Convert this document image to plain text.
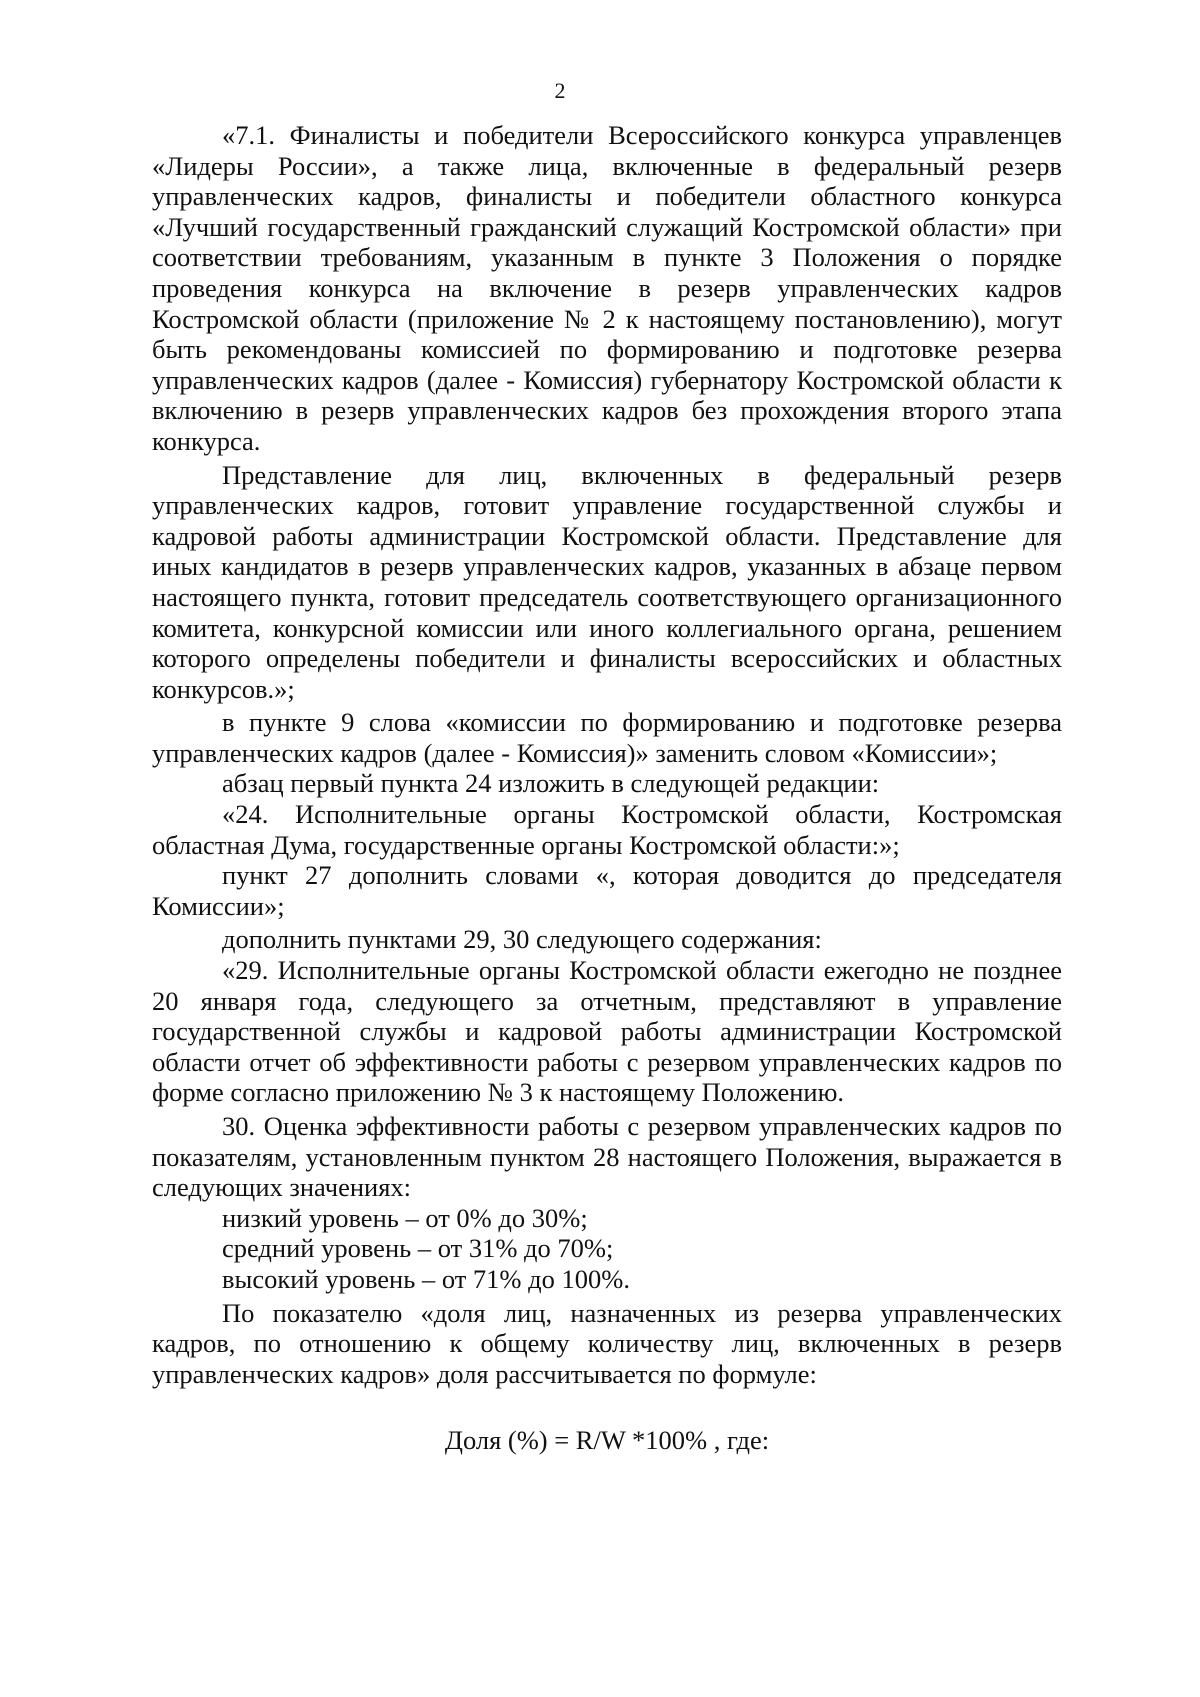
2

«7.1. Финалисты и победители Всероссийского конкурса управленцев «Лидеры России», а также лица, включенные в федеральный резерв управленческих кадров, финалисты и победители областного конкурса «Лучший государственный гражданский служащий Костромской области» при соответствии требованиям, указанным в пункте 3 Положения о порядке проведения конкурса на включение в резерв управленческих кадров Костромской области (приложение № 2 к настоящему постановлению), могут быть рекомендованы комиссией по формированию и подготовке резерва управленческих кадров (далее - Комиссия) губернатору Костромской области к включению в резерв управленческих кадров без прохождения второго этапа конкурса.

Представление для лиц, включенных в федеральный резерв управленческих кадров, готовит управление государственной службы и кадровой работы администрации Костромской области. Представление для иных кандидатов в резерв управленческих кадров, указанных в абзаце первом настоящего пункта, готовит председатель соответствующего организационного комитета, конкурсной комиссии или иного коллегиального органа, решением которого определены победители и финалисты всероссийских и областных конкурсов.»;

в пункте 9 слова «комиссии по формированию и подготовке резерва управленческих кадров (далее - Комиссия)» заменить словом «Комиссии»;

абзац первый пункта 24 изложить в следующей редакции:

«24. Исполнительные органы Костромской области, Костромская областная Дума, государственные органы Костромской области:»;

пункт 27 дополнить словами «, которая доводится до председателя Комиссии»;

дополнить пунктами 29, 30 следующего содержания:

«29. Исполнительные органы Костромской области ежегодно не позднее 20 января года, следующего за отчетным, представляют в управление государственной службы и кадровой работы администрации Костромской области отчет об эффективности работы с резервом управленческих кадров по форме согласно приложению № 3 к настоящему Положению.

30. Оценка эффективности работы с резервом управленческих кадров по показателям, установленным пунктом 28 настоящего Положения, выражается в следующих значениях:

низкий уровень – от 0% до 30%;

средний уровень – от 31% до 70%;

высокий уровень – от 71% до 100%.

По показателю «доля лиц, назначенных из резерва управленческих кадров, по отношению к общему количеству лиц, включенных в резерв управленческих кадров» доля рассчитывается по формуле:

Доля (%) = R/W *100% , где:
